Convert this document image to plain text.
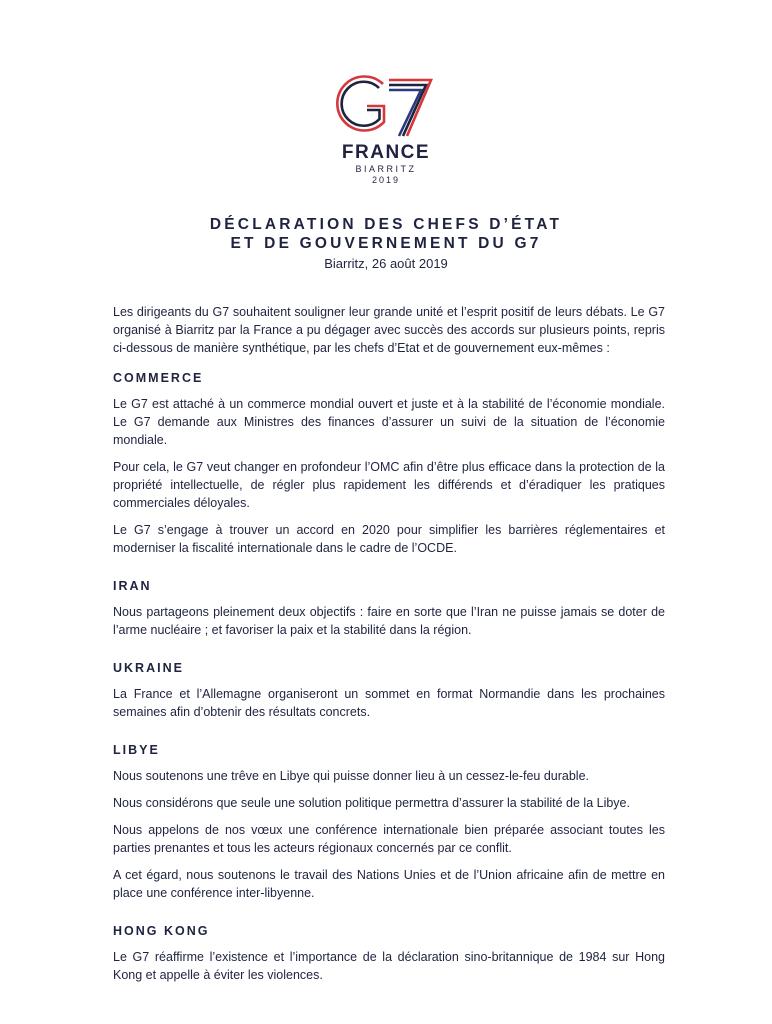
FRANCE
BIARRITZ
2019
DÉCLARATION DES CHEFS D’ÉTAT
ET DE GOUVERNEMENT DU G7
Biarritz, 26 août 2019

Les dirigeants du G7 souhaitent souligner leur grande unité et l’esprit positif de leurs débats. Le G7 organisé à Biarritz par la France a pu dégager avec succès des accords sur plusieurs points, repris ci-dessous de manière synthétique, par les chefs d’Etat et de gouvernement eux-mêmes :

COMMERCE

Le G7 est attaché à un commerce mondial ouvert et juste et à la stabilité de l’économie mondiale. Le G7 demande aux Ministres des finances d’assurer un suivi de la situation de l’économie mondiale.

Pour cela, le G7 veut changer en profondeur l’OMC afin d’être plus efficace dans la protection de la propriété intellectuelle, de régler plus rapidement les différends et d’éradiquer les pratiques commerciales déloyales.

Le G7 s’engage à trouver un accord en 2020 pour simplifier les barrières réglementaires et moderniser la fiscalité internationale dans le cadre de l’OCDE.

IRAN

Nous partageons pleinement deux objectifs : faire en sorte que l’Iran ne puisse jamais se doter de l’arme nucléaire ; et favoriser la paix et la stabilité dans la région.

UKRAINE

La France et l’Allemagne organiseront un sommet en format Normandie dans les prochaines semaines afin d’obtenir des résultats concrets.

LIBYE

Nous soutenons une trêve en Libye qui puisse donner lieu à un cessez-le-feu durable.

Nous considérons que seule une solution politique permettra d’assurer la stabilité de la Libye.

Nous appelons de nos vœux une conférence internationale bien préparée associant toutes les parties prenantes et tous les acteurs régionaux concernés par ce conflit.

A cet égard, nous soutenons le travail des Nations Unies et de l’Union africaine afin de mettre en place une conférence inter-libyenne.

HONG KONG

Le G7 réaffirme l’existence et l’importance de la déclaration sino-britannique de 1984 sur Hong Kong et appelle à éviter les violences.
